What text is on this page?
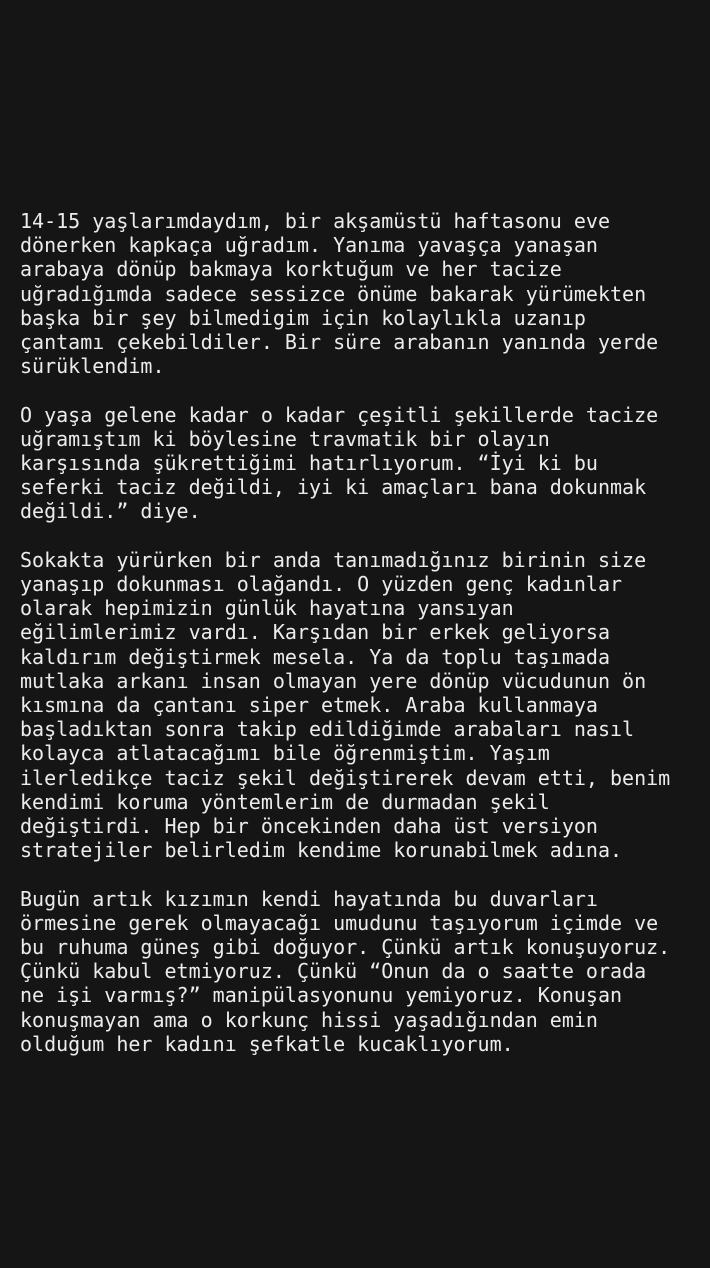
14-15 yaşlarımdaydım, bir akşamüstü haftasonu eve
dönerken kapkaça uğradım. Yanıma yavaşça yanaşan
arabaya dönüp bakmaya korktuğum ve her tacize
uğradığımda sadece sessizce önüme bakarak yürümekten
başka bir şey bilmedigim için kolaylıkla uzanıp
çantamı çekebildiler. Bir süre arabanın yanında yerde
sürüklendim.

O yaşa gelene kadar o kadar çeşitli şekillerde tacize
uğramıştım ki böylesine travmatik bir olayın
karşısında şükrettiğimi hatırlıyorum. “İyi ki bu
seferki taciz değildi, iyi ki amaçları bana dokunmak
değildi.” diye.

Sokakta yürürken bir anda tanımadığınız birinin size
yanaşıp dokunması olağandı. O yüzden genç kadınlar
olarak hepimizin günlük hayatına yansıyan
eğilimlerimiz vardı. Karşıdan bir erkek geliyorsa
kaldırım değiştirmek mesela. Ya da toplu taşımada
mutlaka arkanı insan olmayan yere dönüp vücudunun ön
kısmına da çantanı siper etmek. Araba kullanmaya
başladıktan sonra takip edildiğimde arabaları nasıl
kolayca atlatacağımı bile öğrenmiştim. Yaşım
ilerledikçe taciz şekil değiştirerek devam etti, benim
kendimi koruma yöntemlerim de durmadan şekil
değiştirdi. Hep bir öncekinden daha üst versiyon
stratejiler belirledim kendime korunabilmek adına.

Bugün artık kızımın kendi hayatında bu duvarları
örmesine gerek olmayacağı umudunu taşıyorum içimde ve
bu ruhuma güneş gibi doğuyor. Çünkü artık konuşuyoruz.
Çünkü kabul etmiyoruz. Çünkü “Onun da o saatte orada
ne işi varmış?” manipülasyonunu yemiyoruz. Konuşan
konuşmayan ama o korkunç hissi yaşadığından emin
olduğum her kadını şefkatle kucaklıyorum.
